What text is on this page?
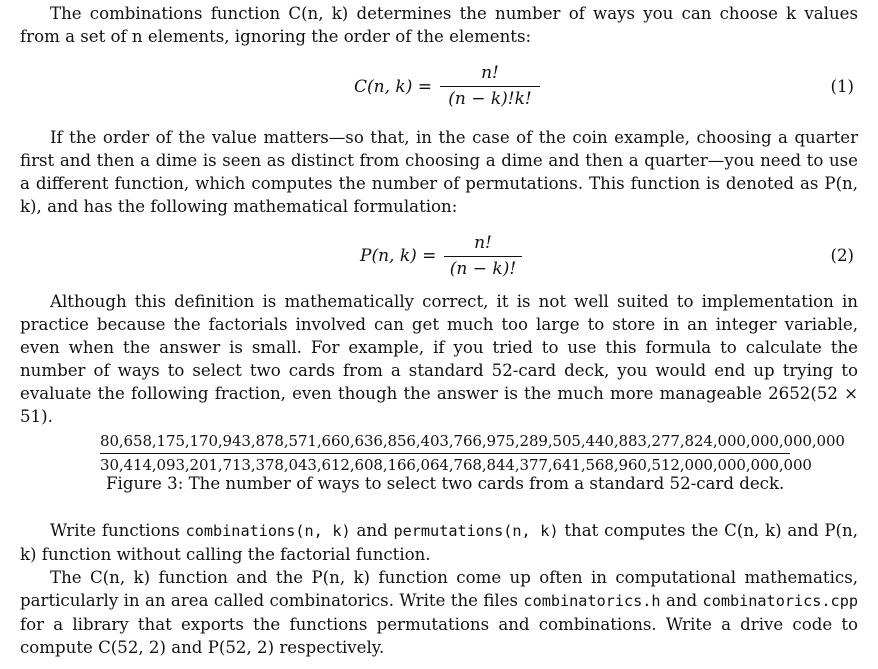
The combinations function C(n, k) determines the number of ways you can choose k values from a set of n elements, ignoring the order of the elements:

C(n, k) =
n!
(n − k)!k!
(1)

If the order of the value matters—so that, in the case of the coin example, choosing a quarter first and then a dime is seen as distinct from choosing a dime and then a quarter—you need to use a different function, which computes the number of permutations. This function is denoted as P(n, k), and has the following mathematical formulation:

P(n, k) =
n!
(n − k)!
(2)

Although this definition is mathematically correct, it is not well suited to implementation in practice because the factorials involved can get much too large to store in an integer variable, even when the answer is small. For example, if you tried to use this formula to calculate the number of ways to select two cards from a standard 52-card deck, you would end up trying to evaluate the following fraction, even though the answer is the much more manageable 2652(52 × 51).

80,658,175,170,943,878,571,660,636,856,403,766,975,289,505,440,883,277,824,000,000,000,000
30,414,093,201,713,378,043,612,608,166,064,768,844,377,641,568,960,512,000,000,000,000
Figure 3: The number of ways to select two cards from a standard 52-card deck.

Write functions combinations(n, k) and permutations(n, k) that computes the C(n, k) and P(n, k) function without calling the factorial function.

The C(n, k) function and the P(n, k) function come up often in computational mathematics, particularly in an area called combinatorics. Write the files combinatorics.h and combinatorics.cpp for a library that exports the functions permutations and combinations. Write a drive code to compute C(52, 2) and P(52, 2) respectively.
